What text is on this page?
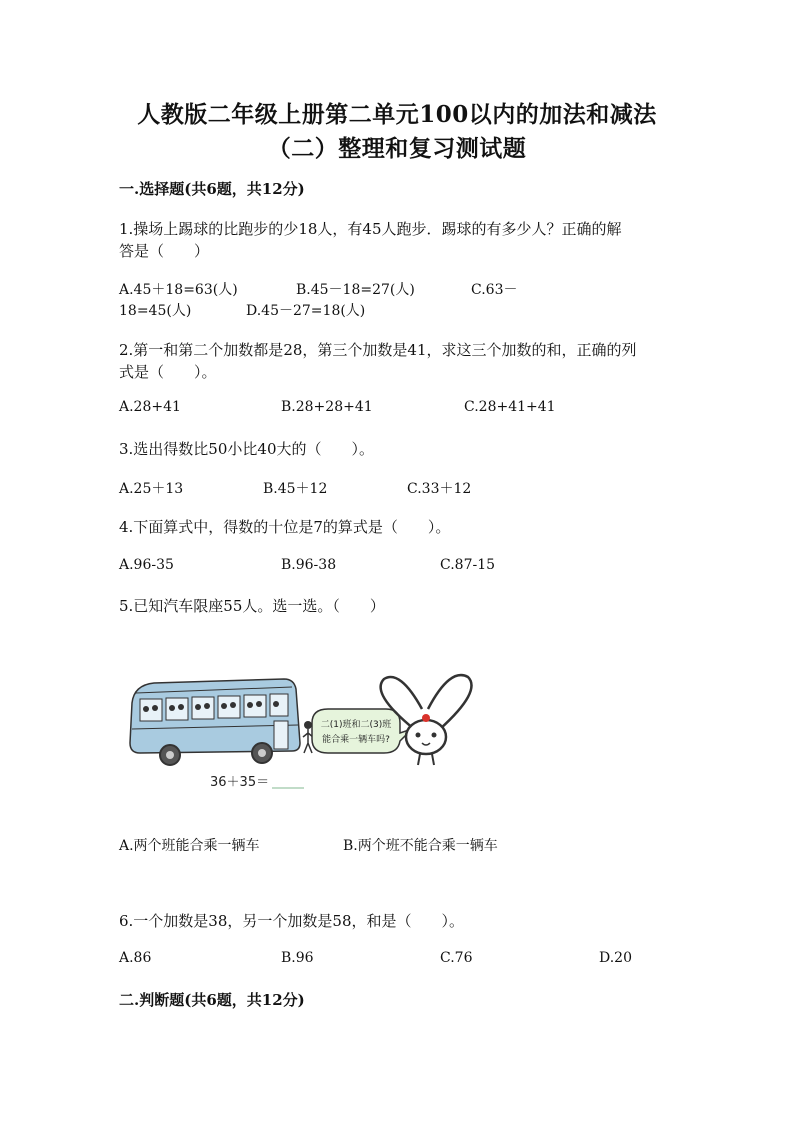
人教版二年级上册第二单元100以内的加法和减法
（二）整理和复习测试题
一.选择题(共6题，共12分)
1.操场上踢球的比跑步的少18人，有45人跑步．踢球的有多少人？正确的解
答是（　　）
A.45＋18=63(人)	B.45－18=27(人)	C.63－
18=45(人)	D.45－27=18(人)
2.第一和第二个加数都是28，第三个加数是41，求这三个加数的和，正确的列
式是（　　）。
A.28+41	B.28+28+41	C.28+41+41
3.选出得数比50小比40大的（　　）。
A.25＋13	B.45＋12	C.33＋12
4.下面算式中，得数的十位是7的算式是（　　）。
A.96-35	B.96-38	C.87-15
5.已知汽车限座55人。选一选。（　　）
二(1)班和二(3)班
能合乘一辆车吗?
36＋35＝
A.两个班能合乘一辆车	B.两个班不能合乘一辆车
6.一个加数是38，另一个加数是58，和是（　　）。
A.86	B.96	C.76	D.20
二.判断题(共6题，共12分)
